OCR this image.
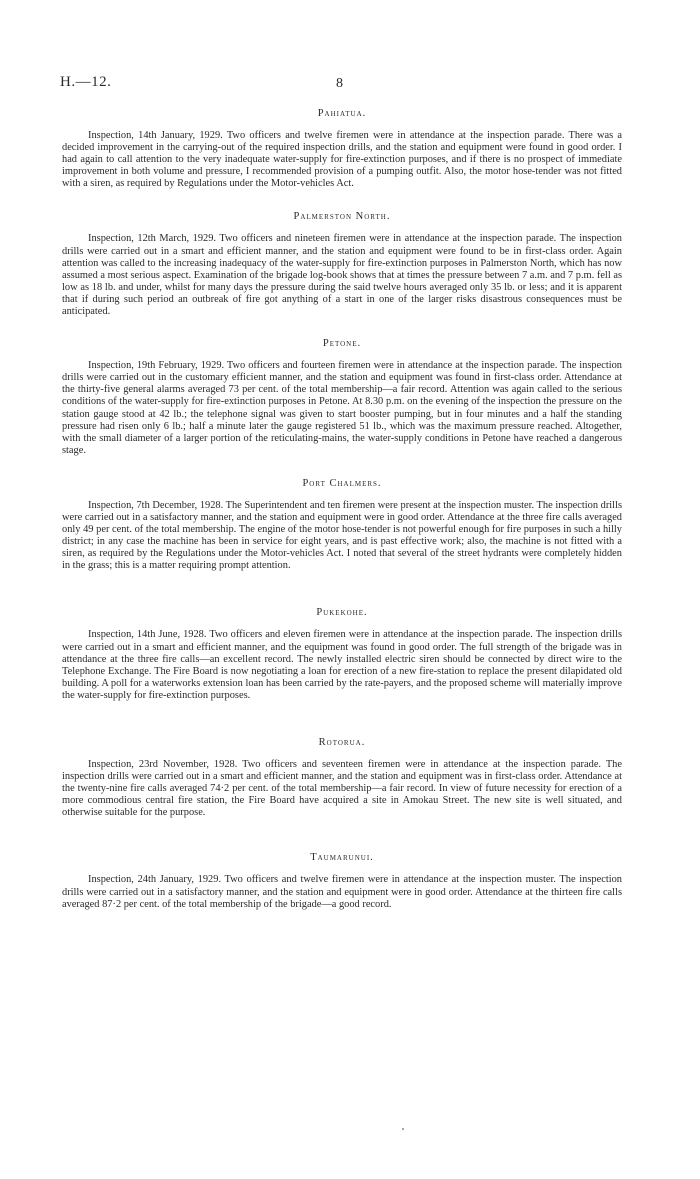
H.—12.	8
Pahiatua.

Inspection, 14th January, 1929. Two officers and twelve firemen were in attendance at the inspection parade. There was a decided improvement in the carrying-out of the required inspection drills, and the station and equipment were found in good order. I had again to call attention to the very inadequate water-supply for fire-extinction purposes, and if there is no prospect of immediate improvement in both volume and pressure, I recommended provision of a pumping outfit. Also, the motor hose-tender was not fitted with a siren, as required by Regulations under the Motor-vehicles Act.

Palmerston North.

Inspection, 12th March, 1929. Two officers and nineteen firemen were in attendance at the inspection parade. The inspection drills were carried out in a smart and efficient manner, and the station and equipment were found to be in first-class order. Again attention was called to the increasing inadequacy of the water-supply for fire-extinction purposes in Palmerston North, which has now assumed a most serious aspect. Examination of the brigade log-book shows that at times the pressure between 7 a.m. and 7 p.m. fell as low as 18 lb. and under, whilst for many days the pressure during the said twelve hours averaged only 35 lb. or less; and it is apparent that if during such period an outbreak of fire got anything of a start in one of the larger risks disastrous consequences must be anticipated.

Petone.

Inspection, 19th February, 1929. Two officers and fourteen firemen were in attendance at the inspection parade. The inspection drills were carried out in the customary efficient manner, and the station and equipment was found in first-class order. Attendance at the thirty-five general alarms averaged 73 per cent. of the total membership—a fair record. Attention was again called to the serious conditions of the water-supply for fire-extinction purposes in Petone. At 8.30 p.m. on the evening of the inspection the pressure on the station gauge stood at 42 lb.; the telephone signal was given to start booster pumping, but in four minutes and a half the standing pressure had risen only 6 lb.; half a minute later the gauge registered 51 lb., which was the maximum pressure reached. Altogether, with the small diameter of a larger portion of the reticulating-mains, the water-supply conditions in Petone have reached a dangerous stage.

Port Chalmers.

Inspection, 7th December, 1928. The Superintendent and ten firemen were present at the inspection muster. The inspection drills were carried out in a satisfactory manner, and the station and equipment were in good order. Attendance at the three fire calls averaged only 49 per cent. of the total membership. The engine of the motor hose-tender is not powerful enough for fire purposes in such a hilly district; in any case the machine has been in service for eight years, and is past effective work; also, the machine is not fitted with a siren, as required by the Regulations under the Motor-vehicles Act. I noted that several of the street hydrants were completely hidden in the grass; this is a matter requiring prompt attention.

Pukekohe.

Inspection, 14th June, 1928. Two officers and eleven firemen were in attendance at the inspection parade. The inspection drills were carried out in a smart and efficient manner, and the equipment was found in good order. The full strength of the brigade was in attendance at the three fire calls—an excellent record. The newly installed electric siren should be connected by direct wire to the Telephone Exchange. The Fire Board is now negotiating a loan for erection of a new fire-station to replace the present dilapidated old building. A poll for a waterworks extension loan has been carried by the rate-payers, and the proposed scheme will materially improve the water-supply for fire-extinction purposes.

Rotorua.

Inspection, 23rd November, 1928. Two officers and seventeen firemen were in attendance at the inspection parade. The inspection drills were carried out in a smart and efficient manner, and the station and equipment was in first-class order. Attendance at the twenty-nine fire calls averaged 74·2 per cent. of the total membership—a fair record. In view of future necessity for erection of a more commodious central fire station, the Fire Board have acquired a site in Amokau Street. The new site is well situated, and otherwise suitable for the purpose.

Taumarunui.

Inspection, 24th January, 1929. Two officers and twelve firemen were in attendance at the inspection muster. The inspection drills were carried out in a satisfactory manner, and the station and equipment were in good order. Attendance at the thirteen fire calls averaged 87·2 per cent. of the total membership of the brigade—a good record.
